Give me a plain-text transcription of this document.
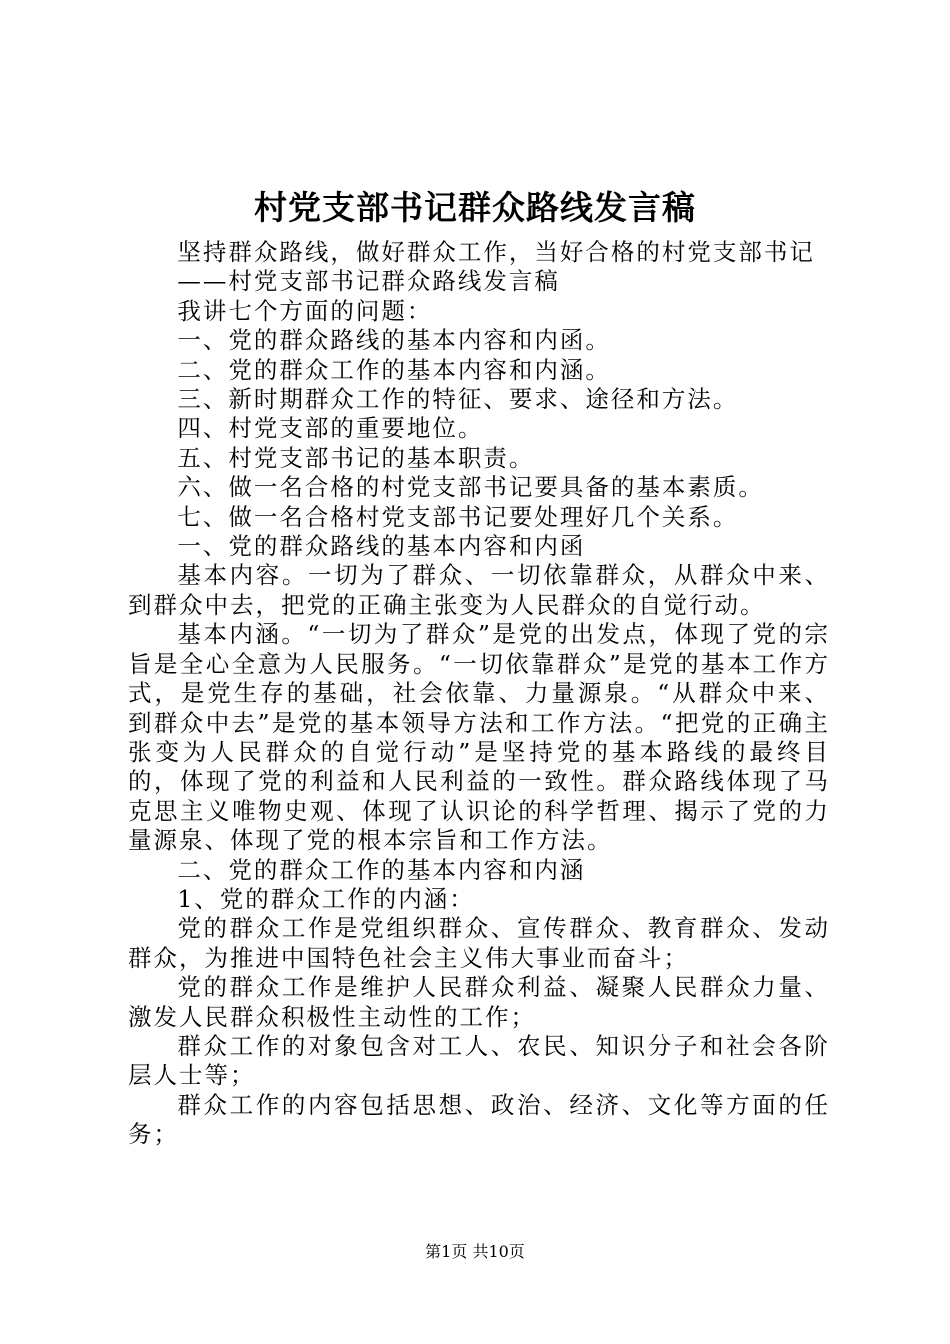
村党支部书记群众路线发言稿

坚持群众路线，做好群众工作，当好合格的村党支部书记

——村党支部书记群众路线发言稿

我讲七个方面的问题：

一、党的群众路线的基本内容和内函。

二、党的群众工作的基本内容和内涵。

三、新时期群众工作的特征、要求、途径和方法。

四、村党支部的重要地位。

五、村党支部书记的基本职责。

六、做一名合格的村党支部书记要具备的基本素质。

七、做一名合格村党支部书记要处理好几个关系。

一、党的群众路线的基本内容和内函

基本内容。一切为了群众、一切依靠群众，从群众中来、到群众中去，把党的正确主张变为人民群众的自觉行动。

基本内涵。“一切为了群众”是党的出发点，体现了党的宗旨是全心全意为人民服务。“一切依靠群众”是党的基本工作方式，是党生存的基础，社会依靠、力量源泉。“从群众中来、到群众中去”是党的基本领导方法和工作方法。“把党的正确主张变为人民群众的自觉行动”是坚持党的基本路线的最终目的，体现了党的利益和人民利益的一致性。群众路线体现了马克思主义唯物史观、体现了认识论的科学哲理、揭示了党的力量源泉、体现了党的根本宗旨和工作方法。

二、党的群众工作的基本内容和内涵

1、党的群众工作的内涵：

党的群众工作是党组织群众、宣传群众、教育群众、发动群众，为推进中国特色社会主义伟大事业而奋斗；

党的群众工作是维护人民群众利益、凝聚人民群众力量、激发人民群众积极性主动性的工作；

群众工作的对象包含对工人、农民、知识分子和社会各阶层人士等；

群众工作的内容包括思想、政治、经济、文化等方面的任务；

第1页 共10页
